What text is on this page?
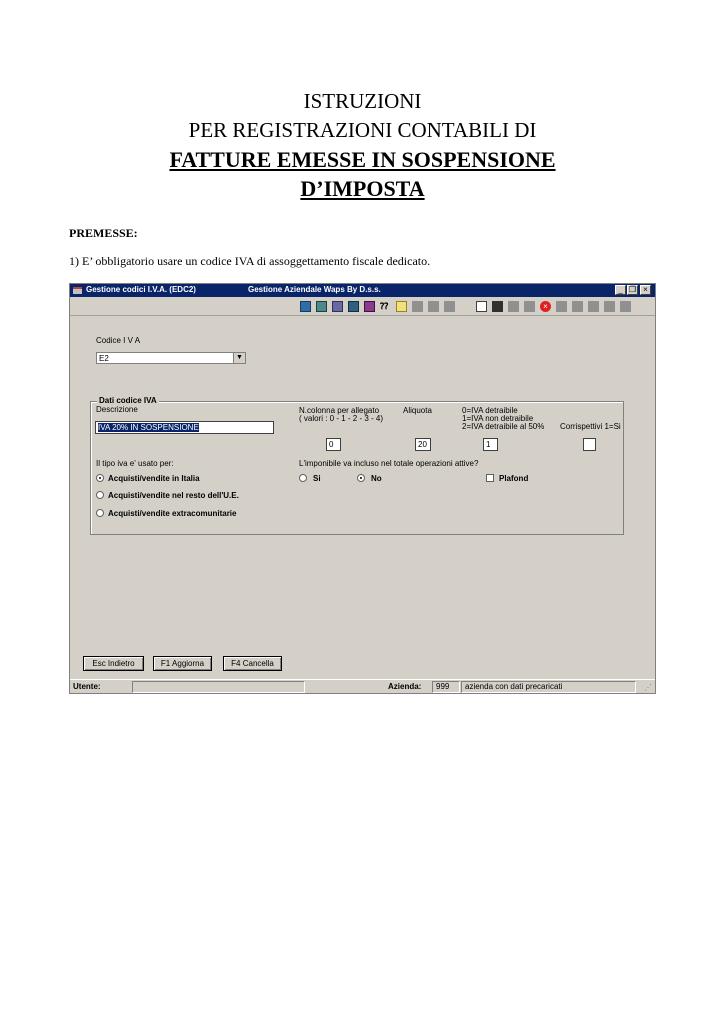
ISTRUZIONI
PER REGISTRAZIONI CONTABILI DI
FATTURE EMESSE IN SOSPENSIONE
D’IMPOSTA
PREMESSE:
1) E’ obbligatorio usare un codice IVA di assoggettamento fiscale dedicato.
Gestione codici I.V.A. (EDC2)	Gestione Aziendale Waps By D.s.s.	_ ❐ ×
⁇	×
Codice I V A
E2	▼
Dati codice IVA
Descrizione
IVA 20% IN SOSPENSIONE
N.colonna per allegato
( valori : 0 - 1 - 2 - 3 - 4)
0
Aliquota
20
0=IVA detraibile
1=IVA non detraibile
2=IVA detraibile al 50%
1
Corrispettivi 1=Si
Il tipo iva e' usato per:
Acquisti/vendite in Italia
Acquisti/vendite nel resto dell'U.E.
Acquisti/vendite extracomunitarie
L'imponibile va incluso nel totale operazioni attive?
Si	No	Plafond
Esc Indietro	F1 Aggiorna	F4 Cancella
Utente:	Azienda:	999	azienda con dati precaricati	⋰
